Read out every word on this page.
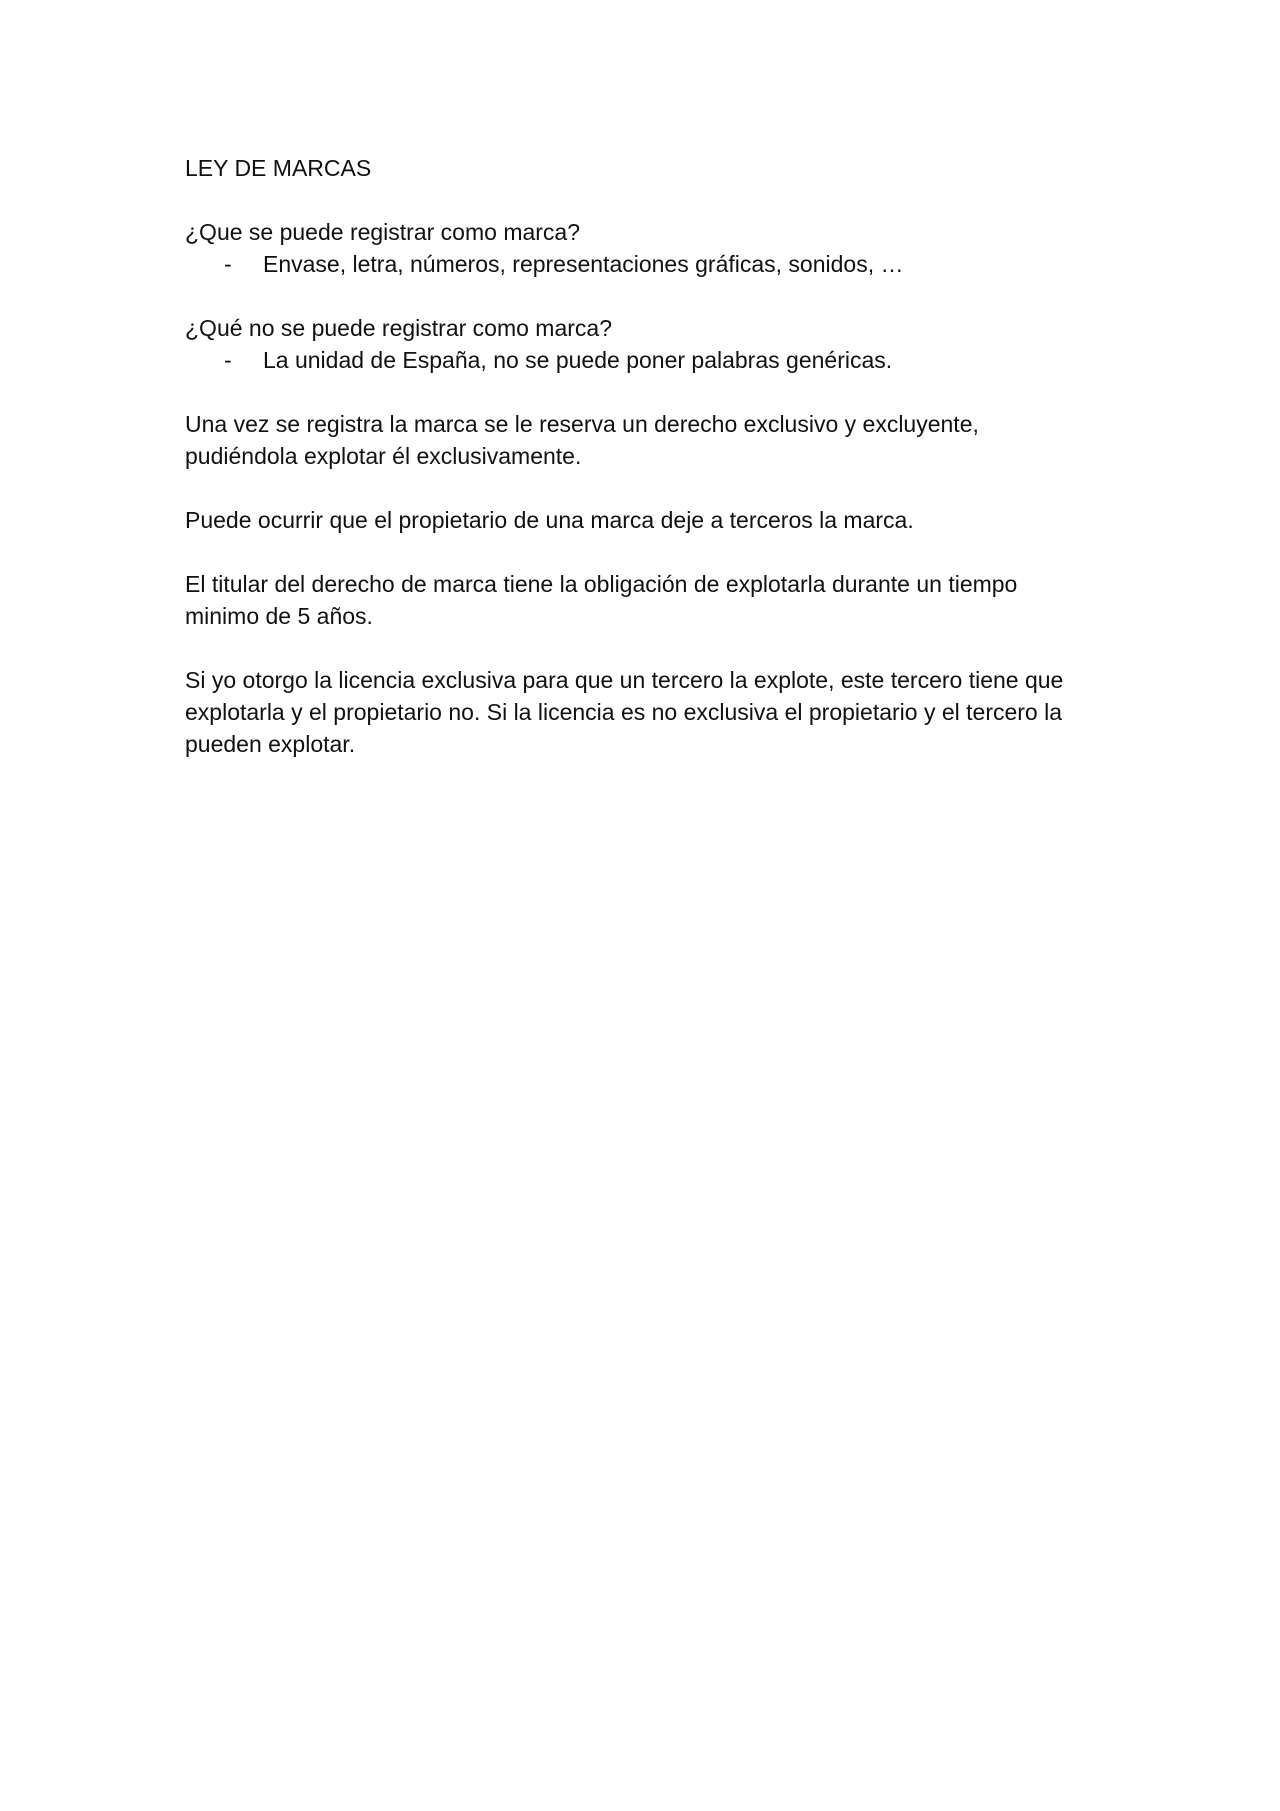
LEY DE MARCAS
¿Que se puede registrar como marca?
- Envase, letra, números, representaciones gráficas, sonidos, …
¿Qué no se puede registrar como marca?
- La unidad de España, no se puede poner palabras genéricas.
Una vez se registra la marca se le reserva un derecho exclusivo y excluyente,
pudiéndola explotar él exclusivamente.
Puede ocurrir que el propietario de una marca deje a terceros la marca.
El titular del derecho de marca tiene la obligación de explotarla durante un tiempo
minimo de 5 años.
Si yo otorgo la licencia exclusiva para que un tercero la explote, este tercero tiene que
explotarla y el propietario no. Si la licencia es no exclusiva el propietario y el tercero la
pueden explotar.
